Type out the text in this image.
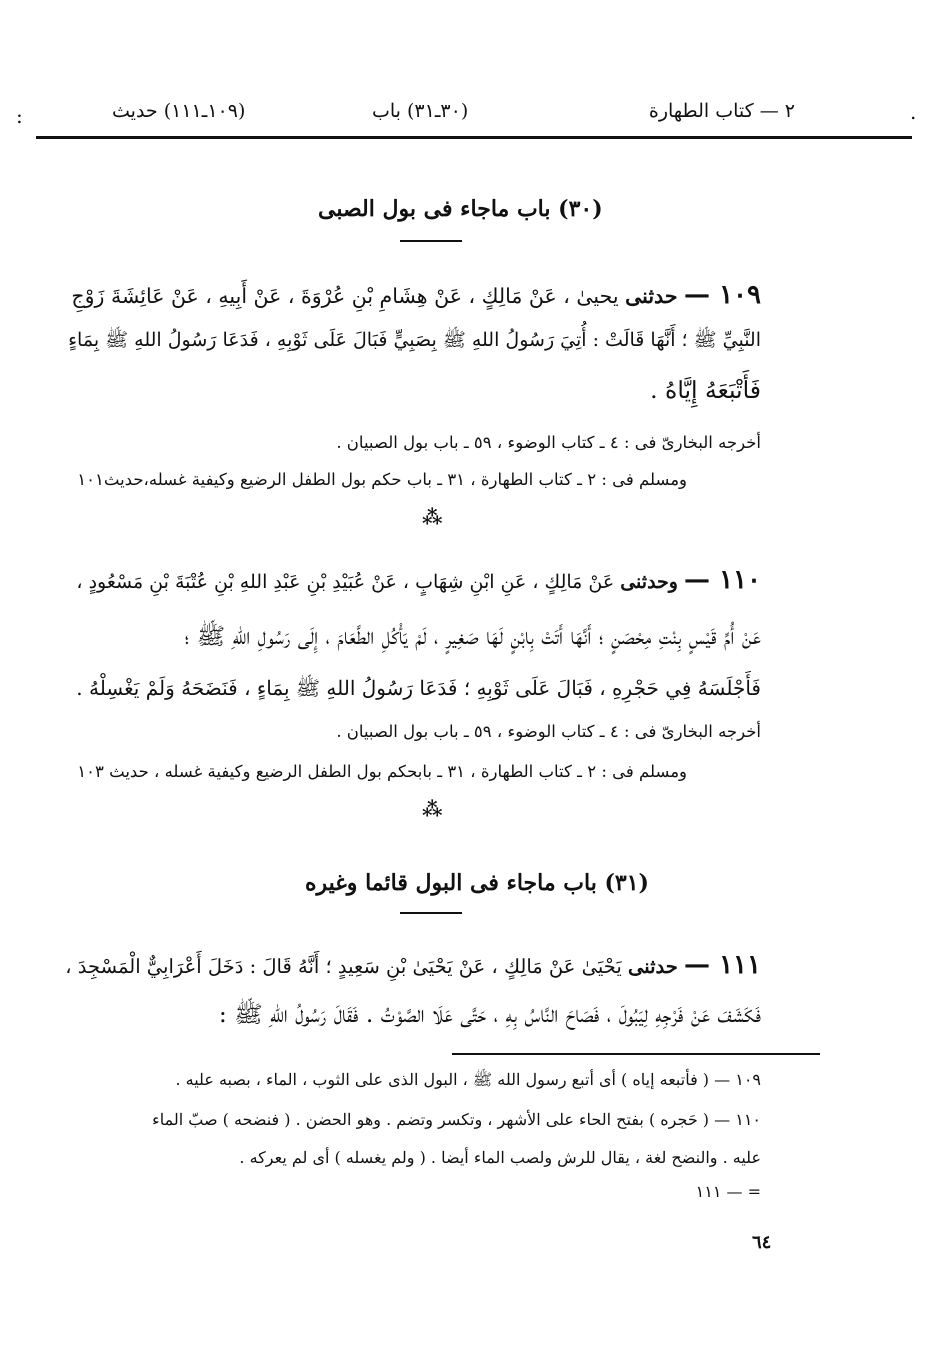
٢ — كتاب الطهارة
(٣٠ـ٣١) باب
(١٠٩ـ١١١) حديث
:	.
(٣٠) باب ماجاء فى بول الصبى
١٠٩ — حدثنى يحيىٰ ، عَنْ مَالِكٍ ، عَنْ هِشَامِ بْنِ عُرْوَةَ ، عَنْ أَبِيهِ ، عَنْ عَائِشَةَ زَوْجِ
النَّبِيِّ ﷺ ؛ أَنَّهَا قَالَتْ : أُتِيَ رَسُولُ اللهِ ﷺ بِصَبِيٍّ فَبَالَ عَلَى ثَوْبِهِ ، فَدَعَا رَسُولُ اللهِ ﷺ بِمَاءٍ
فَأَتْبَعَهُ إِيَّاهُ .
أخرجه البخارىّ فى : ٤ ـ كتاب الوضوء ، ٥٩ ـ باب بول الصبيان .
ومسلم فى : ٢ ـ كتاب الطهارة ، ٣١ ـ باب حكم بول الطفل الرضيع وكيفية غسله،حديث١٠١
⁂
١١٠ — وحدثنى عَنْ مَالِكٍ ، عَنِ ابْنِ شِهَابٍ ، عَنْ عُبَيْدِ بْنِ عَبْدِ اللهِ بْنِ عُتْبَةَ بْنِ مَسْعُودٍ ،
عَنْ أُمِّ قَيْسٍ بِنْتِ مِحْصَنٍ ؛ أَنَّهَا أَتَتْ بِابْنٍ لَهَا صَغِيرٍ ، لَمْ يَأْكُلِ الطَّعَامَ ، إِلَى رَسُولِ اللهِ ﷺ ؛
فَأَجْلَسَهُ فِي حَجْرِهِ ، فَبَالَ عَلَى ثَوْبِهِ ؛ فَدَعَا رَسُولُ اللهِ ﷺ بِمَاءٍ ، فَنَضَحَهُ وَلَمْ يَغْسِلْهُ .
أخرجه البخارىّ فى : ٤ ـ كتاب الوضوء ، ٥٩ ـ باب بول الصبيان .
ومسلم فى : ٢ ـ كتاب الطهارة ، ٣١ ـ بابحكم بول الطفل الرضيع وكيفية غسله ، حديث ١٠٣
⁂
(٣١) باب ماجاء فى البول قائما وغيره
١١١ — حدثنى يَحْيَىٰ عَنْ مَالِكٍ ، عَنْ يَحْيَىٰ بْنِ سَعِيدٍ ؛ أَنَّهُ قَالَ : دَخَلَ أَعْرَابِيٌّ الْمَسْجِدَ ،
فَكَشَفَ عَنْ فَرْجِهِ لِيَبُولَ ، فَصَاحَ النَّاسُ بِهِ ، حَتَّى عَلَا الصَّوْتُ . فَقَالَ رَسُولُ اللهِ ﷺ :
١٠٩ — ( فأتبعه إياه ) أى أتبع رسول الله ﷺ ، البول الذى على الثوب ، الماء ، بصبه عليه .
١١٠ — ( حَجره ) بفتح الحاء على الأشهر ، وتكسر وتضم . وهو الحضن . ( فنضحه ) صبّ الماء
عليه . والنضح لغة ، يقال للرش ولصب الماء أيضا . ( ولم يغسله ) أى لم يعركه .
١١١ — =
٦٤
